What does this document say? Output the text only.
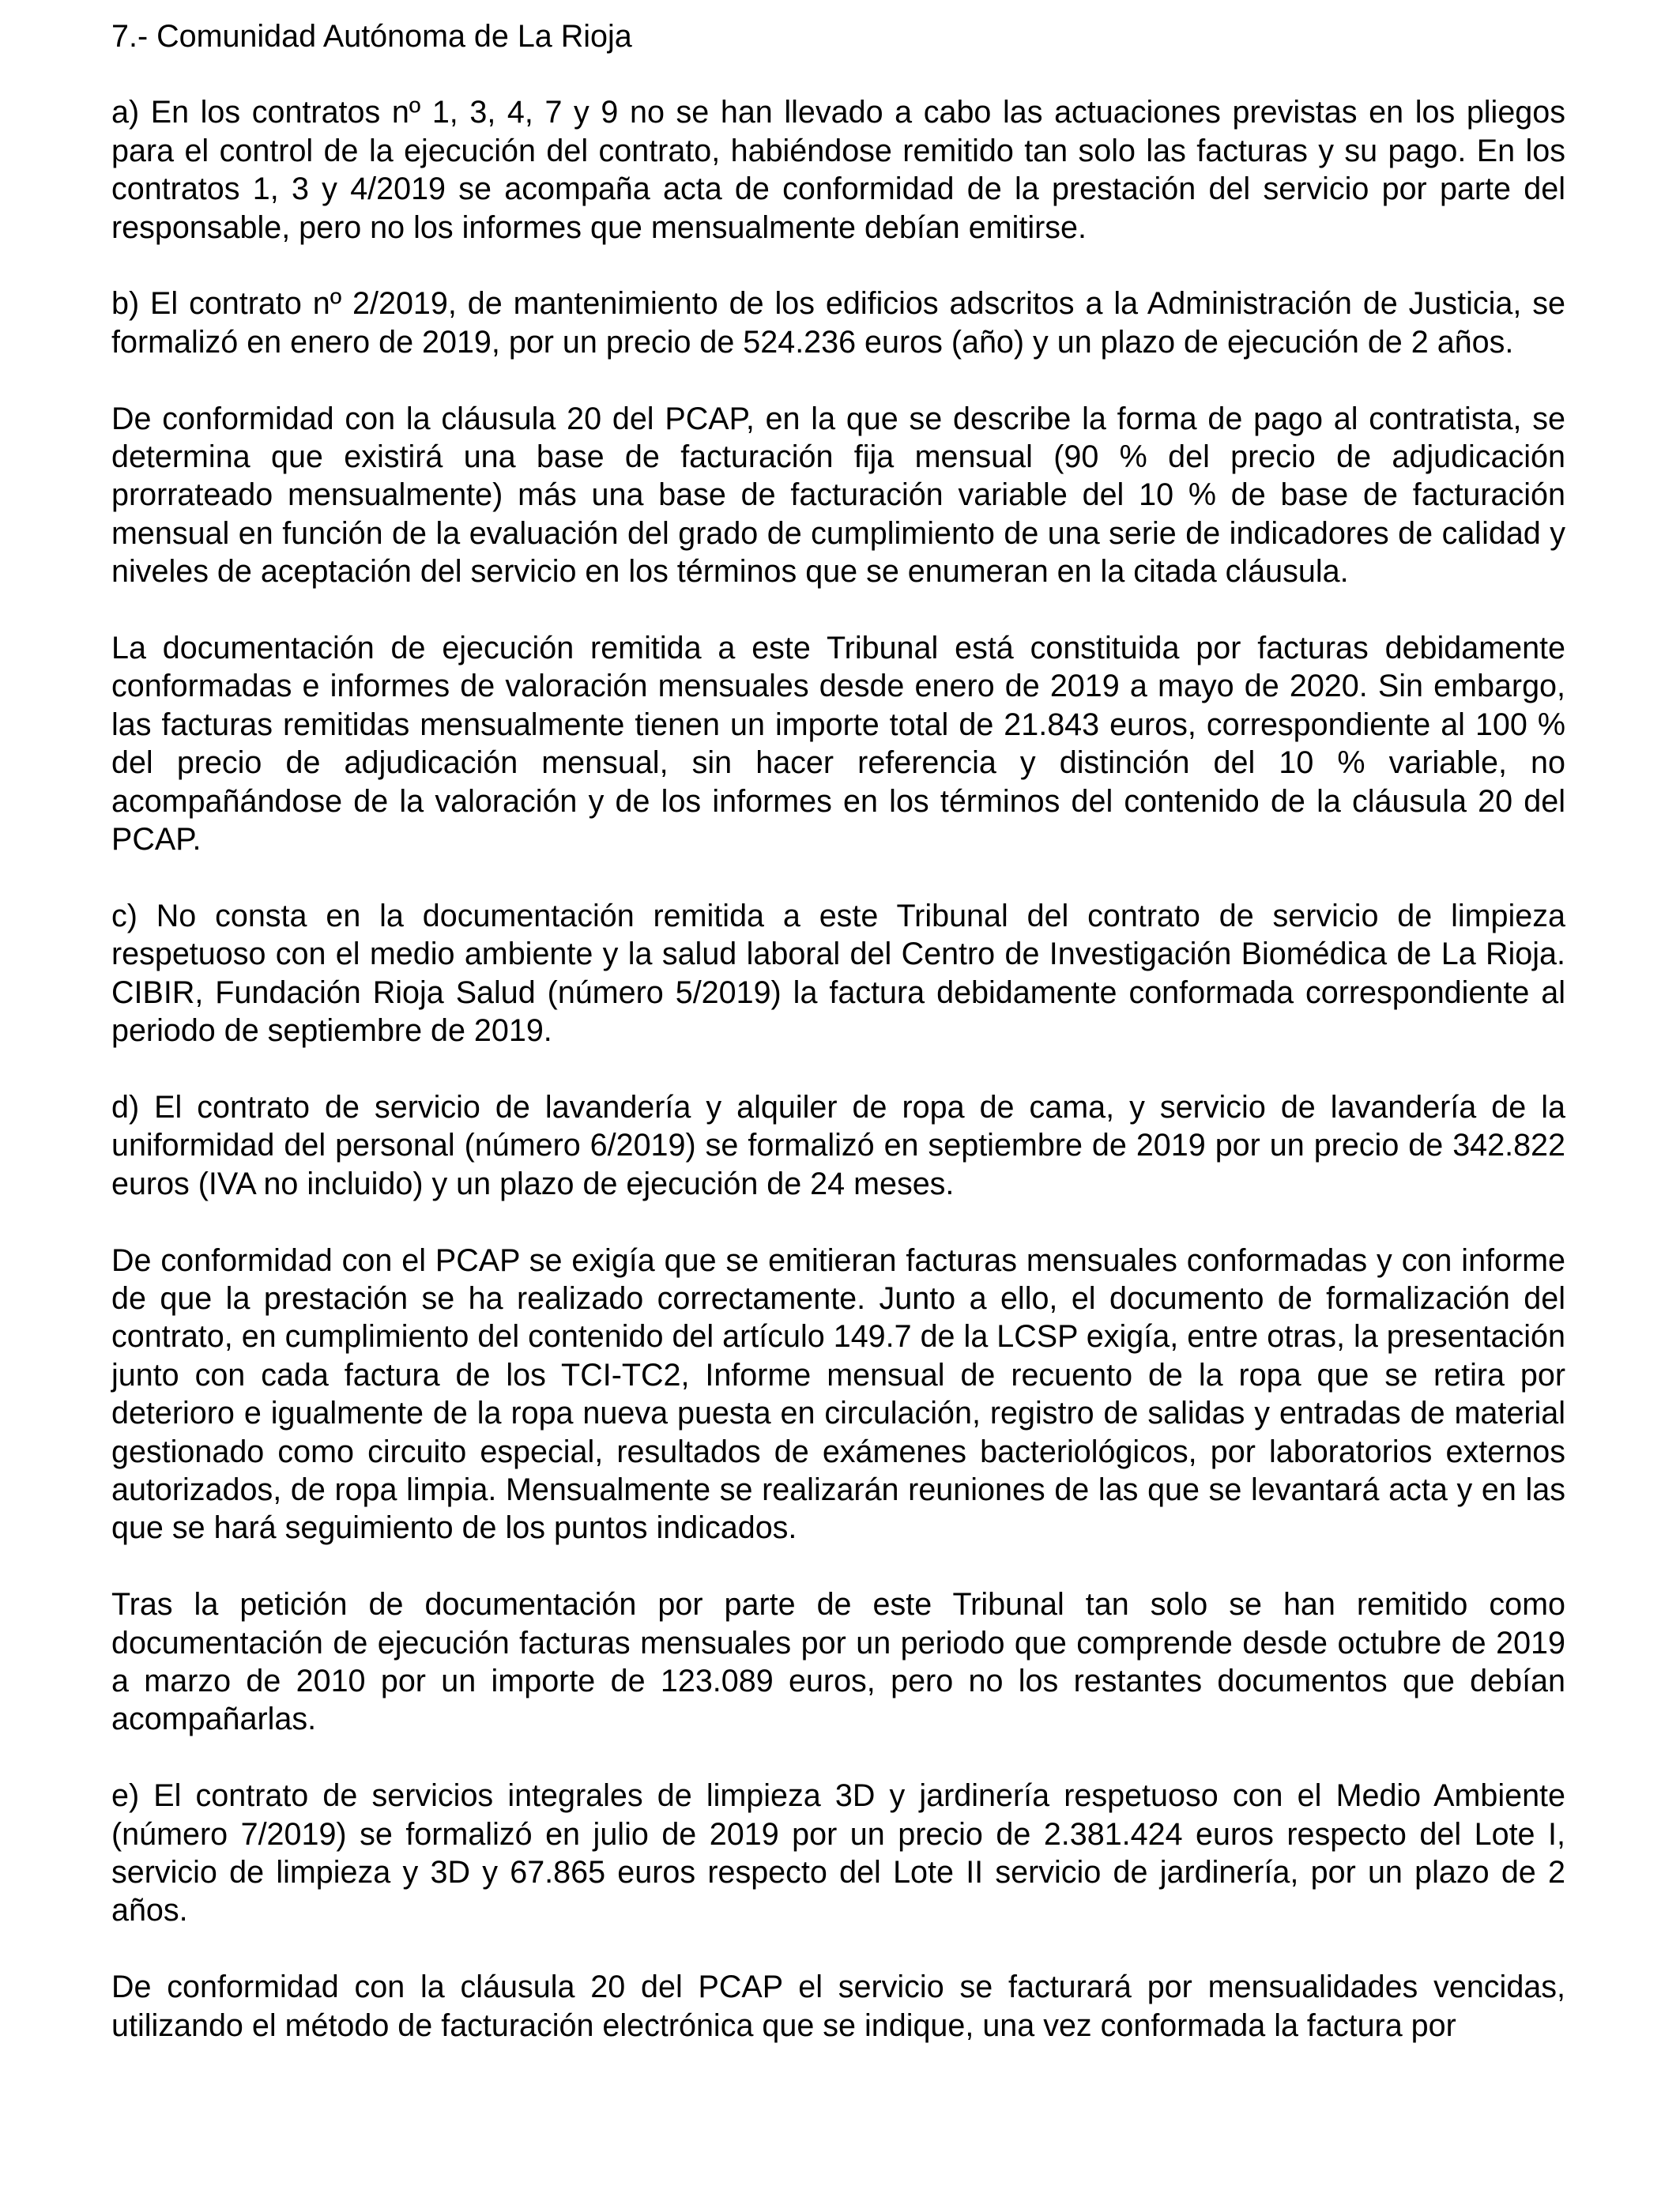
7.- Comunidad Autónoma de La Rioja

a) En los contratos nº 1, 3, 4, 7 y 9 no se han llevado a cabo las actuaciones previstas en los pliegos para el control de la ejecución del contrato, habiéndose remitido tan solo las facturas y su pago. En los contratos 1, 3 y 4/2019 se acompaña acta de conformidad de la prestación del servicio por parte del responsable, pero no los informes que mensualmente debían emitirse.

b) El contrato nº 2/2019, de mantenimiento de los edificios adscritos a la Administración de Justicia, se formalizó en enero de 2019, por un precio de 524.236 euros (año) y un plazo de ejecución de 2 años.

De conformidad con la cláusula 20 del PCAP, en la que se describe la forma de pago al contratista, se determina que existirá una base de facturación fija mensual (90 % del precio de adjudicación prorrateado mensualmente) más una base de facturación variable del 10 % de base de facturación mensual en función de la evaluación del grado de cumplimiento de una serie de indicadores de calidad y niveles de aceptación del servicio en los términos que se enumeran en la citada cláusula.

La documentación de ejecución remitida a este Tribunal está constituida por facturas debidamente conformadas e informes de valoración mensuales desde enero de 2019 a mayo de 2020. Sin embargo, las facturas remitidas mensualmente tienen un importe total de 21.843 euros, correspondiente al 100 % del precio de adjudicación mensual, sin hacer referencia y distinción del 10 % variable, no acompañándose de la valoración y de los informes en los términos del contenido de la cláusula 20 del PCAP.

c) No consta en la documentación remitida a este Tribunal del contrato de servicio de limpieza respetuoso con el medio ambiente y la salud laboral del Centro de Investigación Biomédica de La Rioja. CIBIR, Fundación Rioja Salud (número 5/2019) la factura debidamente conformada correspondiente al periodo de septiembre de 2019.

d) El contrato de servicio de lavandería y alquiler de ropa de cama, y servicio de lavandería de la uniformidad del personal (número 6/2019) se formalizó en septiembre de 2019 por un precio de 342.822 euros (IVA no incluido) y un plazo de ejecución de 24 meses.

De conformidad con el PCAP se exigía que se emitieran facturas mensuales conformadas y con informe de que la prestación se ha realizado correctamente. Junto a ello, el documento de formalización del contrato, en cumplimiento del contenido del artículo 149.7 de la LCSP exigía, entre otras, la presentación junto con cada factura de los TCI-TC2, Informe mensual de recuento de la ropa que se retira por deterioro e igualmente de la ropa nueva puesta en circulación, registro de salidas y entradas de material gestionado como circuito especial, resultados de exámenes bacteriológicos, por laboratorios externos autorizados, de ropa limpia. Mensualmente se realizarán reuniones de las que se levantará acta y en las que se hará seguimiento de los puntos indicados.

Tras la petición de documentación por parte de este Tribunal tan solo se han remitido como documentación de ejecución facturas mensuales por un periodo que comprende desde octubre de 2019 a marzo de 2010 por un importe de 123.089 euros, pero no los restantes documentos que debían acompañarlas.

e) El contrato de servicios integrales de limpieza 3D y jardinería respetuoso con el Medio Ambiente (número 7/2019) se formalizó en julio de 2019 por un precio de 2.381.424 euros respecto del Lote I, servicio de limpieza y 3D y 67.865 euros respecto del Lote II servicio de jardinería, por un plazo de 2 años.

De conformidad con la cláusula 20 del PCAP el servicio se facturará por mensualidades vencidas, utilizando el método de facturación electrónica que se indique, una vez conformada la factura por
